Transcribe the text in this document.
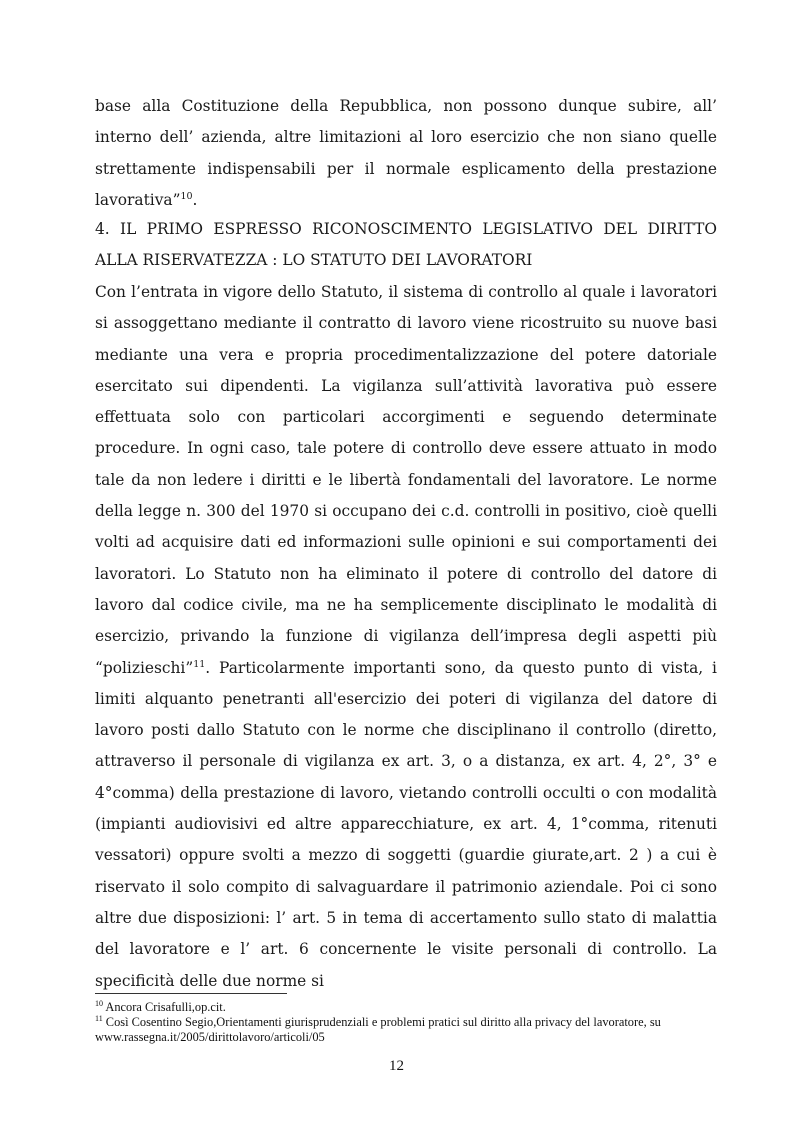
base alla Costituzione della Repubblica, non possono dunque subire, all’ interno dell’ azienda, altre limitazioni al loro esercizio che non siano quelle strettamente indispensabili per il normale esplicamento della prestazione lavorativa”$^{10}$.

4. IL PRIMO ESPRESSO RICONOSCIMENTO LEGISLATIVO DEL DIRITTO
ALLA RISERVATEZZA : LO STATUTO DEI LAVORATORI

Con l’entrata in vigore dello Statuto, il sistema di controllo al quale i lavoratori si assoggettano mediante il contratto di lavoro viene ricostruito su nuove basi mediante una vera e propria procedimentalizzazione del potere datoriale esercitato sui dipendenti. La vigilanza sull’attività lavorativa può essere effettuata solo con particolari accorgimenti e seguendo determinate procedure. In ogni caso, tale potere di controllo deve essere attuato in modo tale da non ledere i diritti e le libertà fondamentali del lavoratore. Le norme della legge n. 300 del 1970 si occupano dei c.d. controlli in positivo, cioè quelli volti ad acquisire dati ed informazioni sulle opinioni e sui comportamenti dei lavoratori. Lo Statuto non ha eliminato il potere di controllo del datore di lavoro dal codice civile, ma ne ha semplicemente disciplinato le modalità di esercizio, privando la funzione di vigilanza dell’impresa degli aspetti più “polizieschi”$^{11}$. Particolarmente importanti sono, da questo punto di vista, i limiti alquanto penetranti all'esercizio dei poteri di vigilanza del datore di lavoro posti dallo Statuto con le norme che disciplinano il controllo (diretto, attraverso il personale di vigilanza ex art. 3, o a distanza, ex art. 4, 2°, 3° e 4°comma) della prestazione di lavoro, vietando controlli occulti o con modalità (impianti audiovisivi ed altre apparecchiature, ex art. 4, 1°comma, ritenuti vessatori) oppure svolti a mezzo di soggetti (guardie giurate,art. 2 ) a cui è riservato il solo compito di salvaguardare il patrimonio aziendale. Poi ci sono altre due disposizioni: l’ art. 5 in tema di accertamento sullo stato di malattia del lavoratore e l’ art. 6 concernente le visite personali di controllo. La specificità delle due norme si

$^{10}$ Ancora Crisafulli,op.cit.

$^{11}$ Così Cosentino Segio,Orientamenti giurisprudenziali e problemi pratici sul diritto alla privacy del lavoratore, su www.rassegna.it/2005/dirittolavoro/articoli/05

12
